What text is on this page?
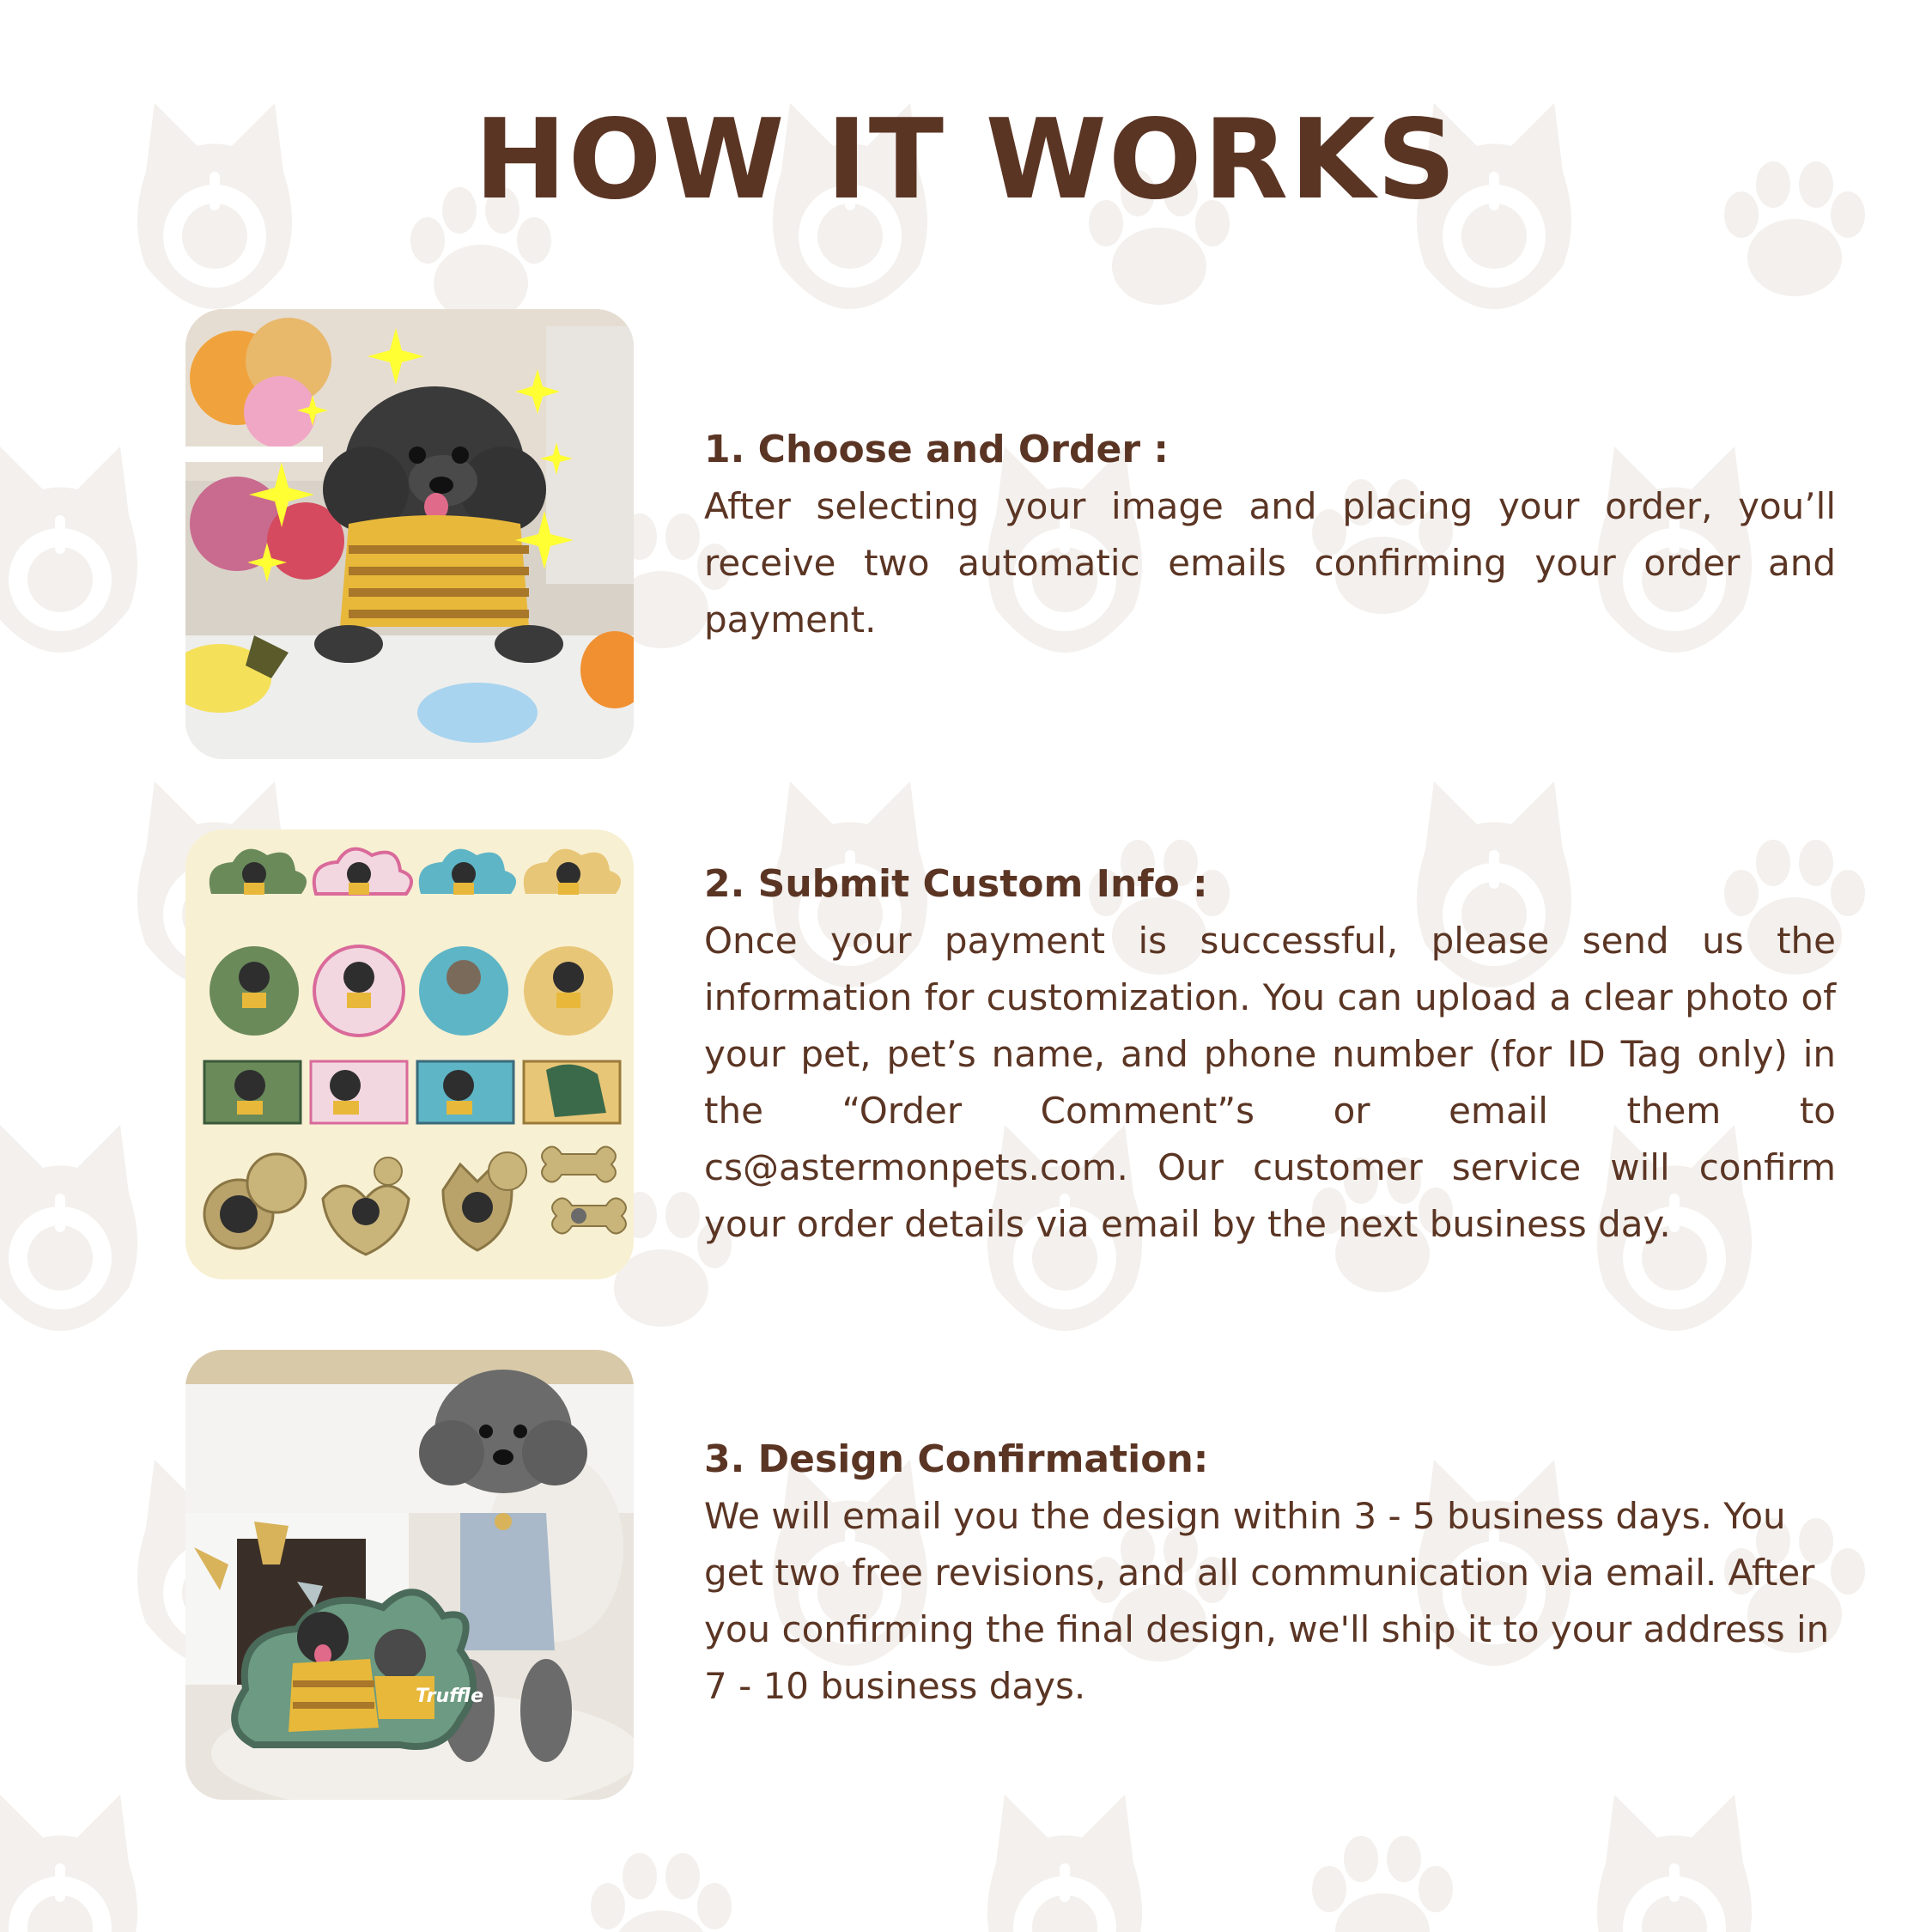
HOW IT WORKS
1. Choose and Order :

After selecting your image and placing your order, you’ll receive two automatic emails confirming your order and payment.

2. Submit Custom Info :

Once your payment is successful, please send us the information for customization. You can upload a clear photo of your pet, pet’s name, and phone number (for ID Tag only) in the “Order Comment”s or email them to cs@astermonpets.com. Our customer service will confirm your order details via email by the next business day.

Truffle
3. Design Confirmation:

We will email you the design within 3 - 5 business days. You get two free revisions, and all communication via email. After you confirming the final design, we'll ship it to your address in 7 - 10 business days.
